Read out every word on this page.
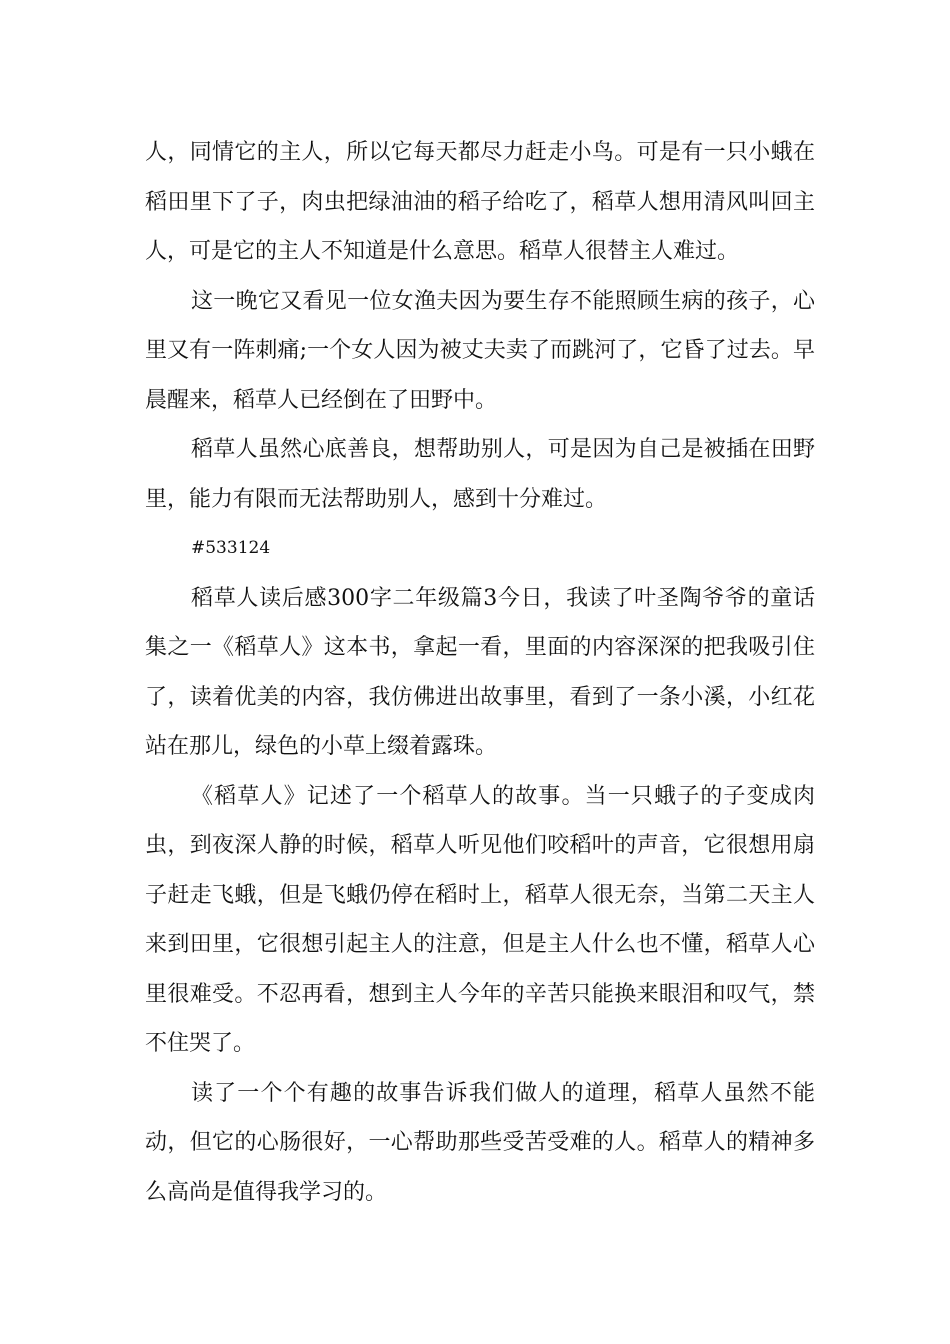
人，同情它的主人，所以它每天都尽力赶走小鸟。可是有一只小蛾在稻田里下了子，肉虫把绿油油的稻子给吃了，稻草人想用清风叫回主人，可是它的主人不知道是什么意思。稻草人很替主人难过。

这一晚它又看见一位女渔夫因为要生存不能照顾生病的孩子，心里又有一阵刺痛;一个女人因为被丈夫卖了而跳河了，它昏了过去。早晨醒来，稻草人已经倒在了田野中。

稻草人虽然心底善良，想帮助别人，可是因为自己是被插在田野里，能力有限而无法帮助别人，感到十分难过。

#533124

稻草人读后感300字二年级篇3今日，我读了叶圣陶爷爷的童话集之一《稻草人》这本书，拿起一看，里面的内容深深的把我吸引住了，读着优美的内容，我仿佛进出故事里，看到了一条小溪，小红花站在那儿，绿色的小草上缀着露珠。

《稻草人》记述了一个稻草人的故事。当一只蛾子的子变成肉虫，到夜深人静的时候，稻草人听见他们咬稻叶的声音，它很想用扇子赶走飞蛾，但是飞蛾仍停在稻时上，稻草人很无奈，当第二天主人来到田里，它很想引起主人的注意，但是主人什么也不懂，稻草人心里很难受。不忍再看，想到主人今年的辛苦只能换来眼泪和叹气，禁不住哭了。

读了一个个有趣的故事告诉我们做人的道理，稻草人虽然不能动，但它的心肠很好，一心帮助那些受苦受难的人。稻草人的精神多么高尚是值得我学习的。
